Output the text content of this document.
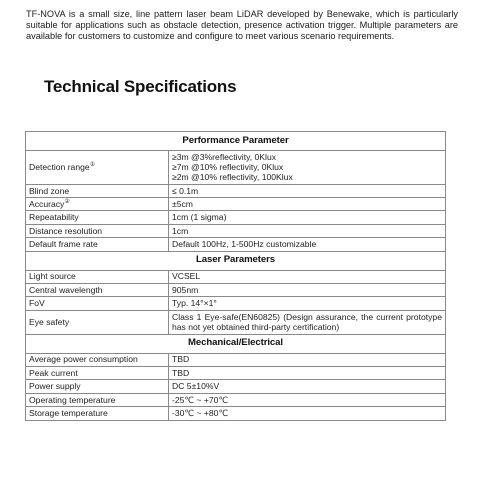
TF-NOVA is a small size, line pattern laser beam LiDAR developed by Benewake, which is particularly suitable for applications such as obstacle detection, presence activation trigger. Multiple parameters are available for customers to customize and configure to meet various scenario requirements.

Technical Specifications
Performance Parameter	
Detection range①	≥3m @3%reflectivity, 0Klux
≥7m @10% reflectivity, 0Klux
≥2m @10% reflectivity, 100Klux

Blind zone	≤ 0.1m
Accuracy②	±5cm
Repeatability	1cm (1 sigma)
Distance resolution	1cm
Default frame rate	Default 100Hz, 1-500Hz customizable
Laser Parameters	
Light source	VCSEL
Central wavelength	905nm
FoV	Typ. 14°×1°
Eye safety	Class 1 Eye-safe(EN60825) (Design assurance, the current prototype has not yet obtained third-party certification)
Mechanical/Electrical	
Average power consumption	TBD
Peak current	TBD
Power supply	DC 5±10%V
Operating temperature	-25℃ ~ +70℃
Storage temperature	-30℃ ~ +80℃
